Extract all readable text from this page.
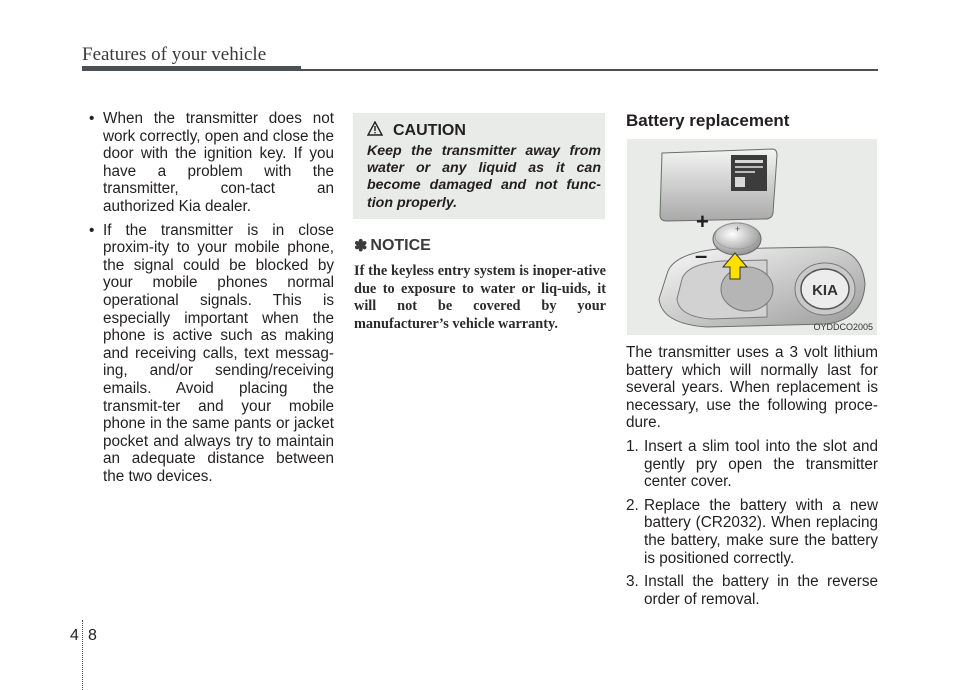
Features of your vehicle
• When the transmitter does not work correctly, open and close the door with the ignition key. If you have a problem with the transmitter, con-tact an authorized Kia dealer.
• If the transmitter is in close proxim-ity to your mobile phone, the signal could be blocked by your mobile phones normal operational signals. This is especially important when the phone is active such as making and receiving calls, text messag-ing, and/or sending/receiving emails. Avoid placing the transmit-ter and your mobile phone in the same pants or jacket pocket and always try to maintain an adequate distance between the two devices.
CAUTION
Keep the transmitter away from water or any liquid as it can become damaged and not func-tion properly.
✽ NOTICE
If the keyless entry system is inoper-ative due to exposure to water or liq-uids, it will not be covered by your manufacturer’s vehicle warranty.
Battery replacement
KIA
+
+
–
OYDDCO2005

The transmitter uses a 3 volt lithium battery which will normally last for several years. When replacement is necessary, use the following proce-dure.

1. Insert a slim tool into the slot and gently pry open the transmitter center cover.
2. Replace the battery with a new battery (CR2032). When replacing the battery, make sure the battery is positioned correctly.
3. Install the battery in the reverse order of removal.
4 8
